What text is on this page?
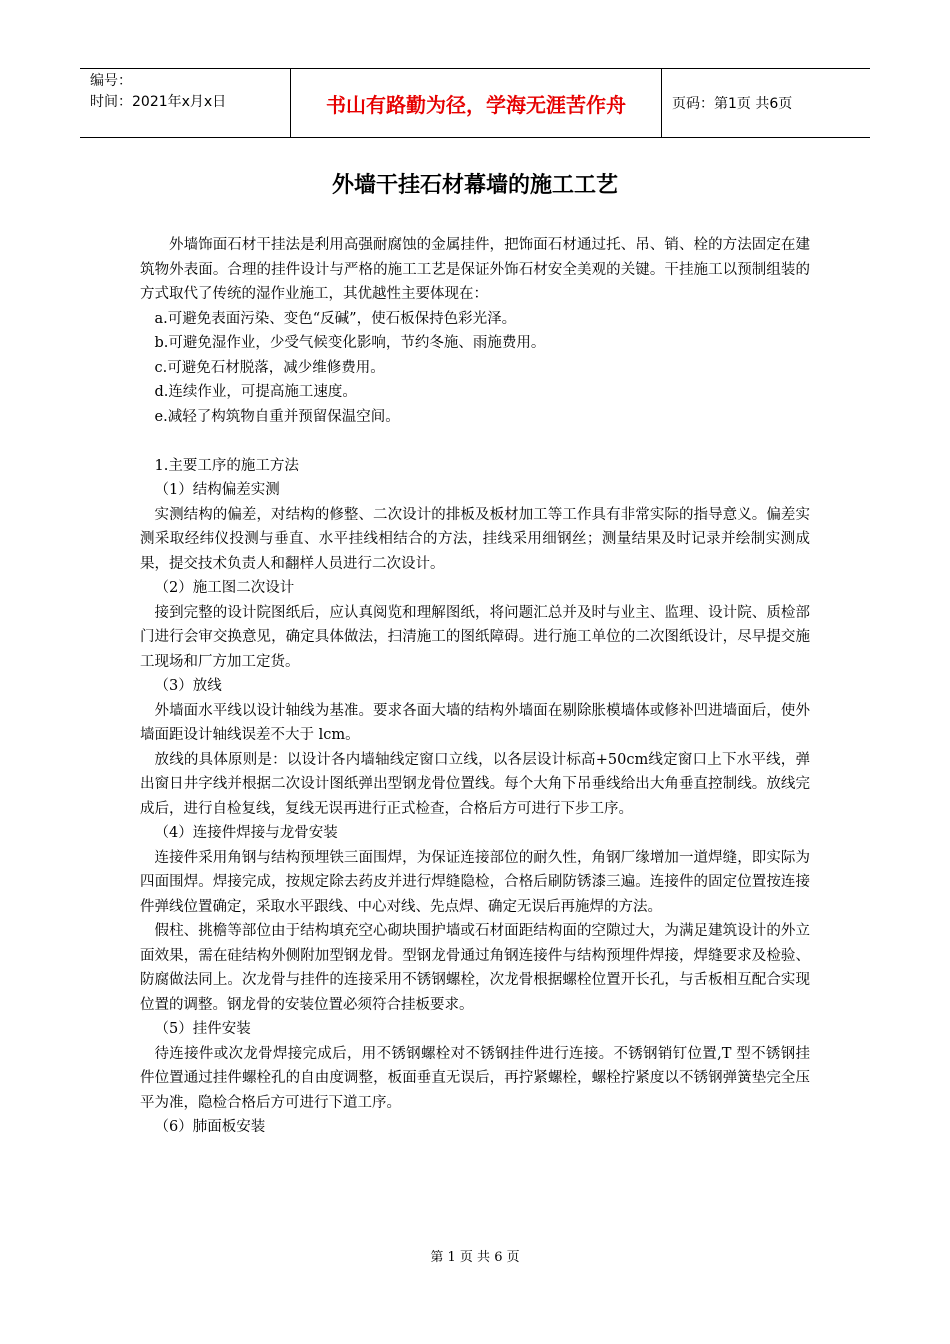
编号：
时间：2021年x月x日	书山有路勤为径，学海无涯苦作舟	页码：第1页 共6页
外墙干挂石材幕墙的施工工艺

外墙饰面石材干挂法是利用高强耐腐蚀的金属挂件，把饰面石材通过托、吊、销、栓的方法固定在建筑物外表面。合理的挂件设计与严格的施工工艺是保证外饰石材安全美观的关键。干挂施工以预制组装的方式取代了传统的湿作业施工，其优越性主要体现在：

a.可避免表面污染、变色“反碱”，使石板保持色彩光泽。

b.可避免湿作业，少受气候变化影响，节约冬施、雨施费用。

c.可避免石材脱落，减少维修费用。

d.连续作业，可提高施工速度。

e.减轻了构筑物自重并预留保温空间。

1.主要工序的施工方法

（1）结构偏差实测

实测结构的偏差，对结构的修整、二次设计的排板及板材加工等工作具有非常实际的指导意义。偏差实测采取经纬仪投测与垂直、水平挂线相结合的方法，挂线采用细钢丝；测量结果及时记录并绘制实测成果，提交技术负责人和翻样人员进行二次设计。

（2）施工图二次设计

接到完整的设计院图纸后，应认真阅览和理解图纸，将问题汇总并及时与业主、监理、设计院、质检部门进行会审交换意见，确定具体做法，扫清施工的图纸障碍。进行施工单位的二次图纸设计，尽早提交施工现场和厂方加工定货。

（3）放线

外墙面水平线以设计轴线为基准。要求各面大墙的结构外墙面在剔除胀模墙体或修补凹进墙面后，使外墙面距设计轴线误差不大于 lcm。

放线的具体原则是：以设计各内墙轴线定窗口立线，以各层设计标高+50cm线定窗口上下水平线，弹出窗日井字线并根据二次设计图纸弹出型钢龙骨位置线。每个大角下吊垂线给出大角垂直控制线。放线完成后，进行自检复线，复线无误再进行正式检查，合格后方可进行下步工序。

（4）连接件焊接与龙骨安装

连接件采用角钢与结构预埋铁三面围焊，为保证连接部位的耐久性，角钢厂缘增加一道焊缝，即实际为四面围焊。焊接完成，按规定除去药皮并进行焊缝隐检，合格后刷防锈漆三遍。连接件的固定位置按连接件弹线位置确定，采取水平跟线、中心对线、先点焊、确定无误后再施焊的方法。

假柱、挑檐等部位由于结构填充空心砌块围护墙或石材面距结构面的空隙过大，为满足建筑设计的外立面效果，需在硅结构外侧附加型钢龙骨。型钢龙骨通过角钢连接件与结构预埋件焊接，焊缝要求及检验、防腐做法同上。次龙骨与挂件的连接采用不锈钢螺栓，次龙骨根据螺栓位置开长孔，与舌板相互配合实现位置的调整。钢龙骨的安装位置必须符合挂板要求。

（5）挂件安装

待连接件或次龙骨焊接完成后，用不锈钢螺栓对不锈钢挂件进行连接。不锈钢销钉位置,T 型不锈钢挂件位置通过挂件螺栓孔的自由度调整，板面垂直无误后，再拧紧螺栓，螺栓拧紧度以不锈钢弹簧垫完全压平为准，隐检合格后方可进行下道工序。

（6）肺面板安装

第 1 页 共 6 页
